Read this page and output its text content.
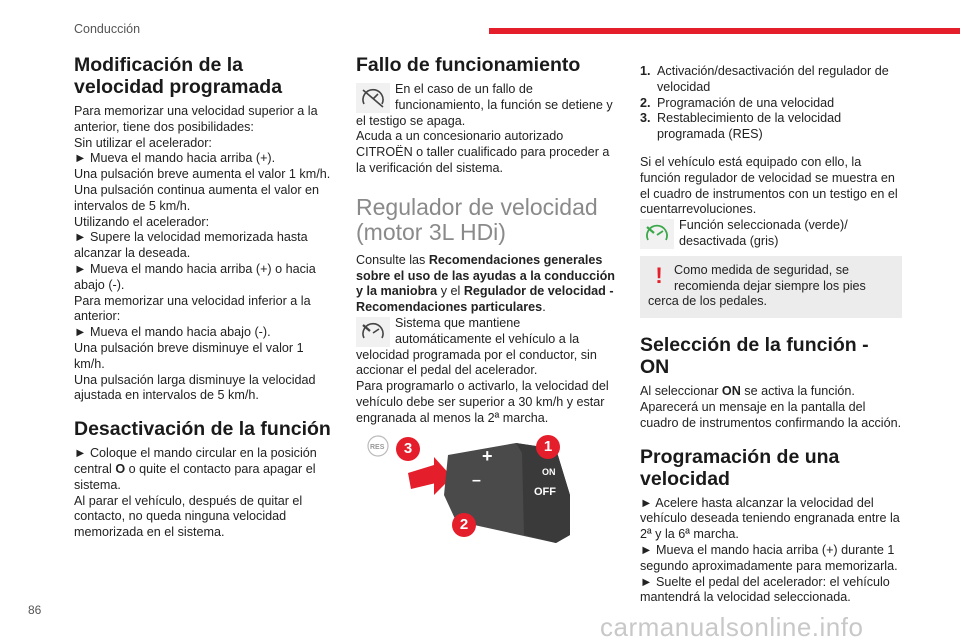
Conducción
Modificación de la velocidad programada

Para memorizar una velocidad superior a la anterior, tiene dos posibilidades:

Sin utilizar el acelerador:

► Mueva el mando hacia arriba (+).

Una pulsación breve aumenta el valor 1 km/h.

Una pulsación continua aumenta el valor en intervalos de 5 km/h.

Utilizando el acelerador:

► Supere la velocidad memorizada hasta alcanzar la deseada.

► Mueva el mando hacia arriba (+) o hacia abajo (-).

Para memorizar una velocidad inferior a la anterior:

► Mueva el mando hacia abajo (-).

Una pulsación breve disminuye el valor 1 km/h.

Una pulsación larga disminuye la velocidad ajustada en intervalos de 5 km/h.

Desactivación de la función

► Coloque el mando circular en la posición central O o quite el contacto para apagar el sistema.

Al parar el vehículo, después de quitar el contacto, no queda ninguna velocidad memorizada en el sistema.

Fallo de funcionamiento
En el caso de un fallo de funcionamiento, la función se detiene y el testigo se apaga.

Acuda a un concesionario autorizado CITROËN o taller cualificado para proceder a la verificación del sistema.

Regulador de velocidad (motor 3L HDi)

Consulte las Recomendaciones generales sobre el uso de las ayudas a la conducción y la maniobra y el Regulador de velocidad - Recomendaciones particulares.

Sistema que mantiene automáticamente el vehículo a la velocidad programada por el conductor, sin accionar el pedal del acelerador.

Para programarlo o activarlo, la velocidad del vehículo debe ser superior a 30 km/h y estar engranada al menos la 2ª marcha.

RES	+
–	ON
OFF
1
2
3
1. Activación/desactivación del regulador de velocidad
2. Programación de una velocidad
3. Restablecimiento de la velocidad programada (RES)

Si el vehículo está equipado con ello, la función regulador de velocidad se muestra en el cuadro de instrumentos con un testigo en el cuentarrevoluciones.

Función seleccionada (verde)/ desactivada (gris)
! Como medida de seguridad, se recomienda dejar siempre los pies cerca de los pedales.
Selección de la función - ON

Al seleccionar ON se activa la función. Aparecerá un mensaje en la pantalla del cuadro de instrumentos confirmando la acción.

Programación de una velocidad

► Acelere hasta alcanzar la velocidad del vehículo deseada teniendo engranada entre la 2ª y la 6ª marcha.

► Mueva el mando hacia arriba (+) durante 1 segundo aproximadamente para memorizarla.

► Suelte el pedal del acelerador: el vehículo mantendrá la velocidad seleccionada.

86
carmanualsonline.info
